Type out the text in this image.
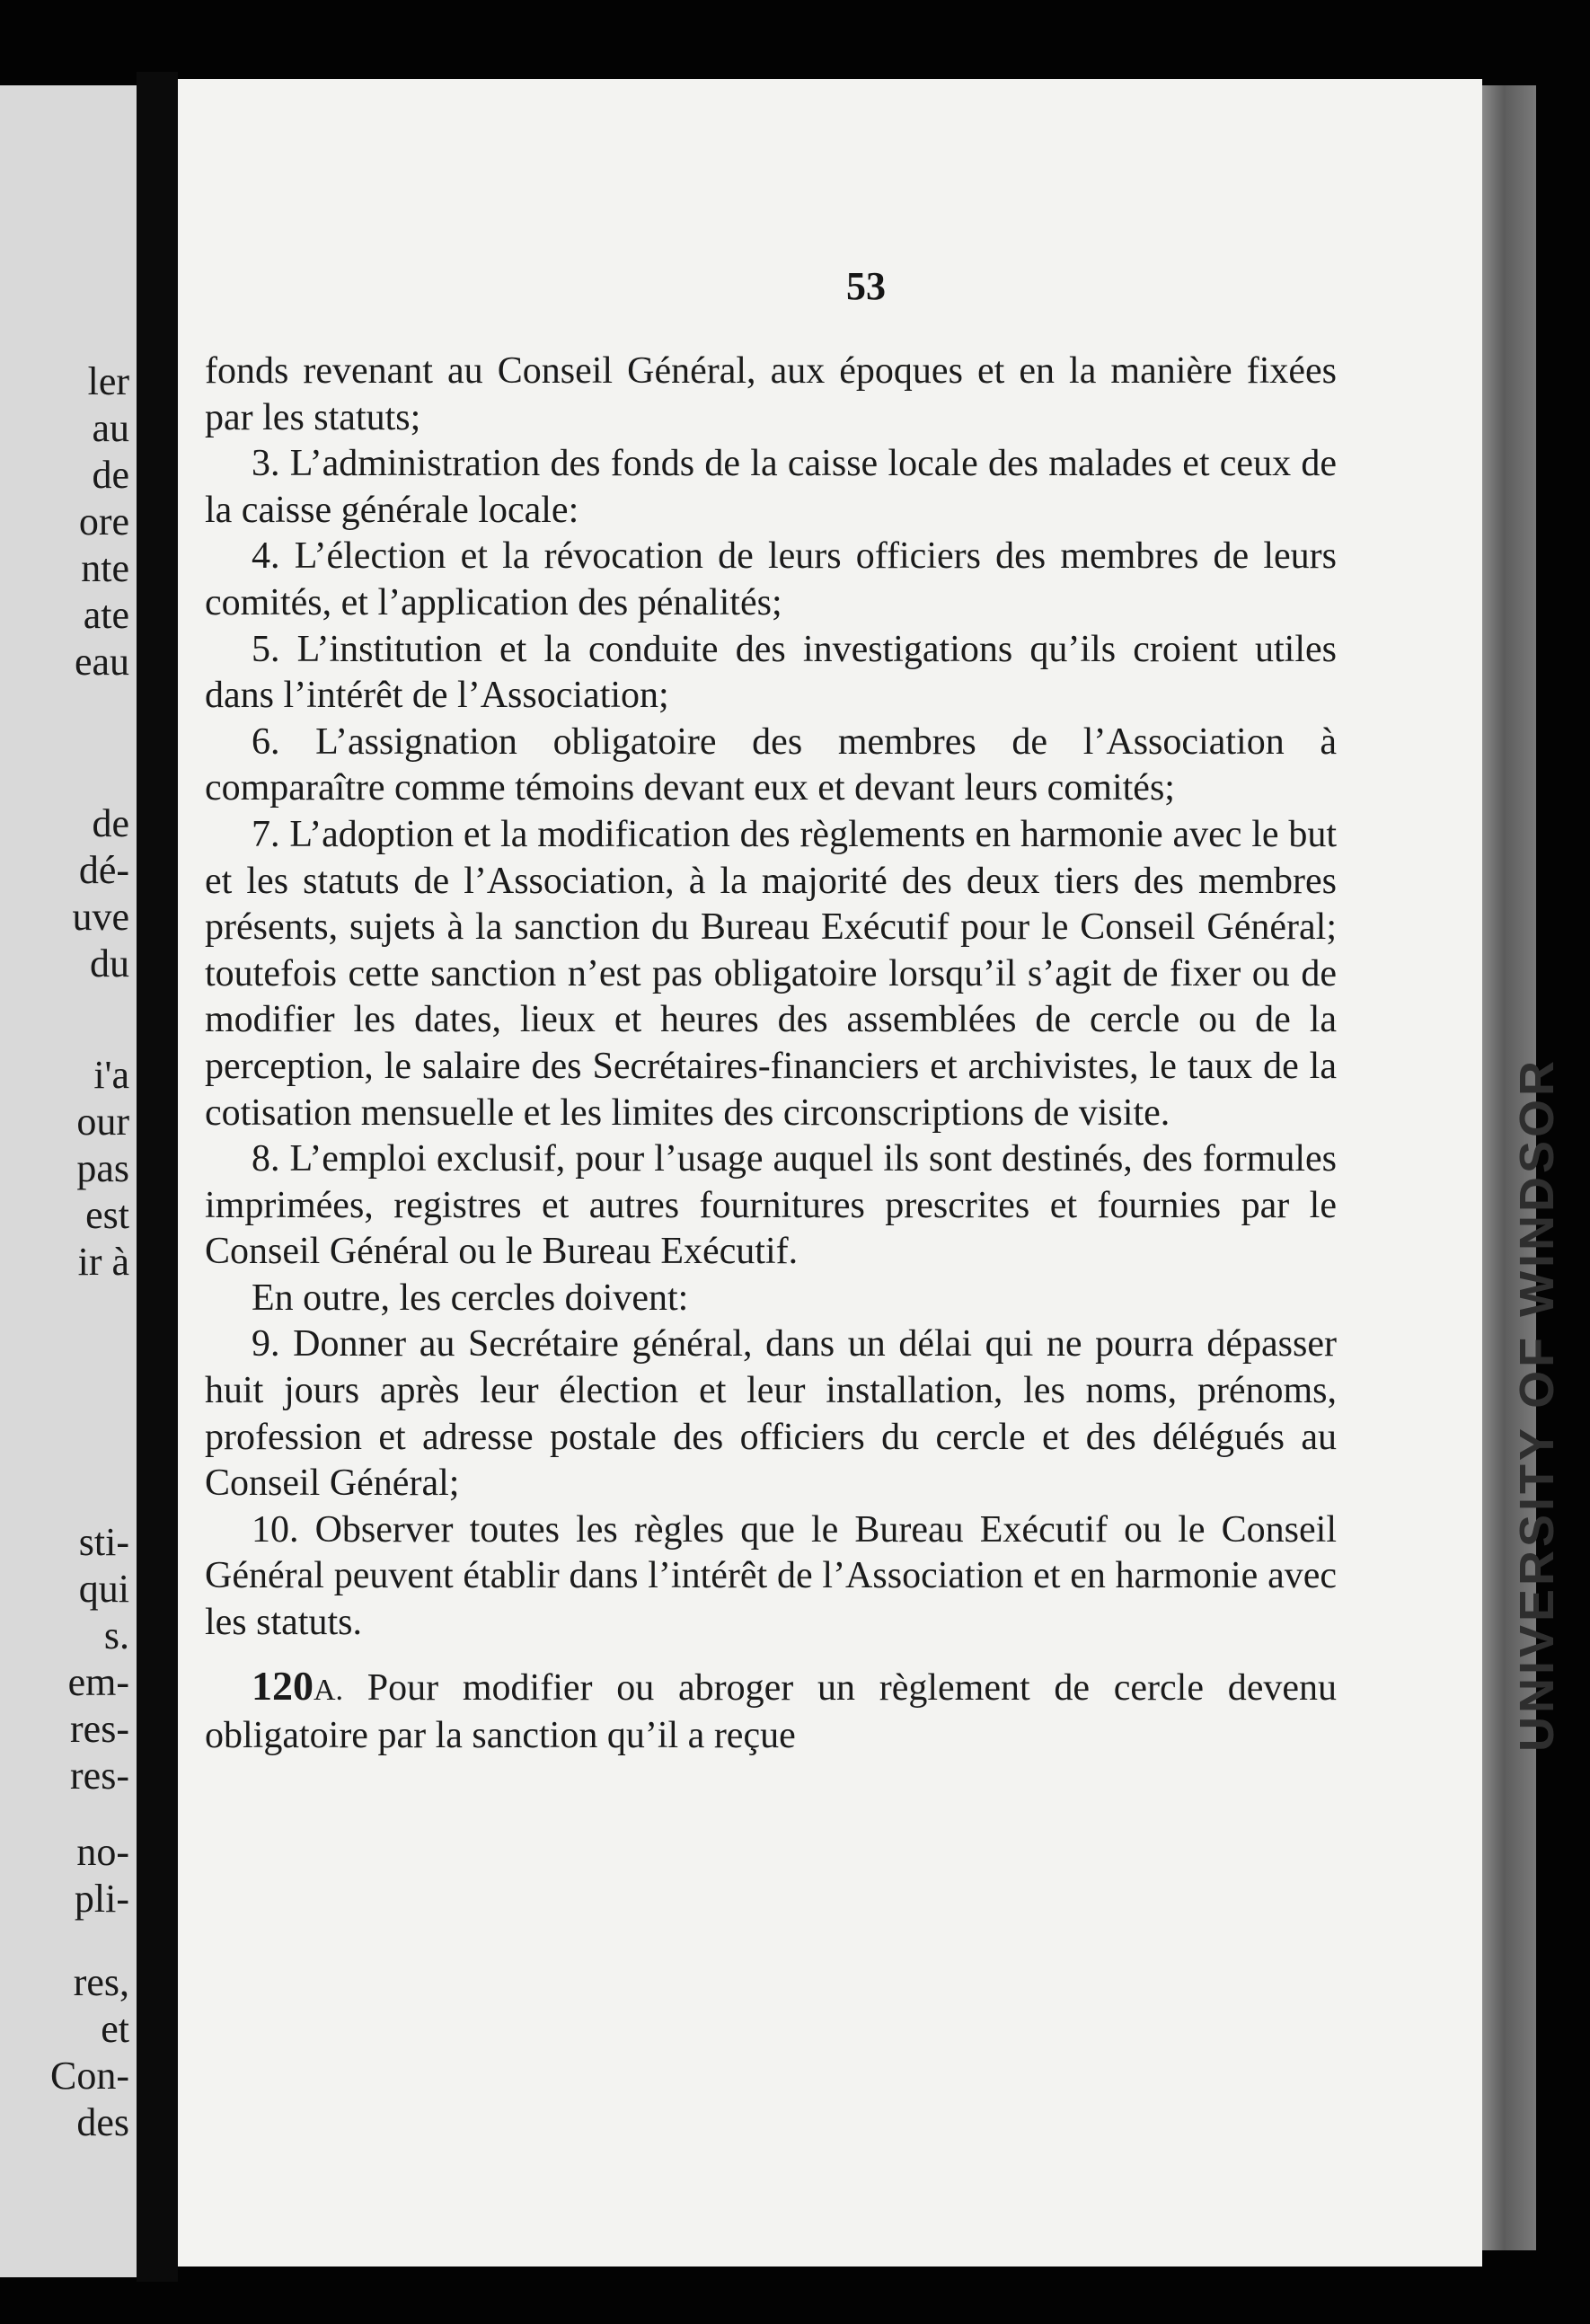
ler
au
de
ore
nte
ate
eau
de
dé-
uve
du
i'a
our
pas
est
ir à
sti-
qui
s.
em-
res-
res-
no-
pli-
res,
et
Con-
des
53

fonds revenant au Conseil Général, aux époques et en la manière fixées par les statuts;

3. L’administration des fonds de la caisse locale des malades et ceux de la caisse générale locale:

4. L’élection et la révocation de leurs officiers des membres de leurs comités, et l’application des pénalités;

5. L’institution et la conduite des investigations qu’ils croient utiles dans l’intérêt de l’Association;

6. L’assignation obligatoire des membres de l’Association à comparaître comme témoins devant eux et devant leurs comités;

7. L’adoption et la modification des règlements en harmonie avec le but et les statuts de l’Association, à la majorité des deux tiers des membres présents, sujets à la sanction du Bureau Exécutif pour le Conseil Général; toutefois cette sanction n’est pas obligatoire lorsqu’il s’agit de fixer ou de modifier les dates, lieux et heures des assemblées de cercle ou de la perception, le salaire des Secrétaires-financiers et archivistes, le taux de la cotisation mensuelle et les limites des circonscriptions de visite.

8. L’emploi exclusif, pour l’usage auquel ils sont destinés, des formules imprimées, registres et autres fournitures prescrites et fournies par le Conseil Général ou le Bureau Exécutif.

En outre, les cercles doivent:

9. Donner au Secrétaire général, dans un délai qui ne pourra dépasser huit jours après leur élection et leur installation, les noms, prénoms, profession et adresse postale des officiers du cercle et des délégués au Conseil Général;

10. Observer toutes les règles que le Bureau Exécutif ou le Conseil Général peuvent établir dans l’intérêt de l’Association et en harmonie avec les statuts.

120A. Pour modifier ou abroger un règlement de cercle devenu obligatoire par la sanction qu’il a reçue	UNIVERSITY OF WINDSOR
